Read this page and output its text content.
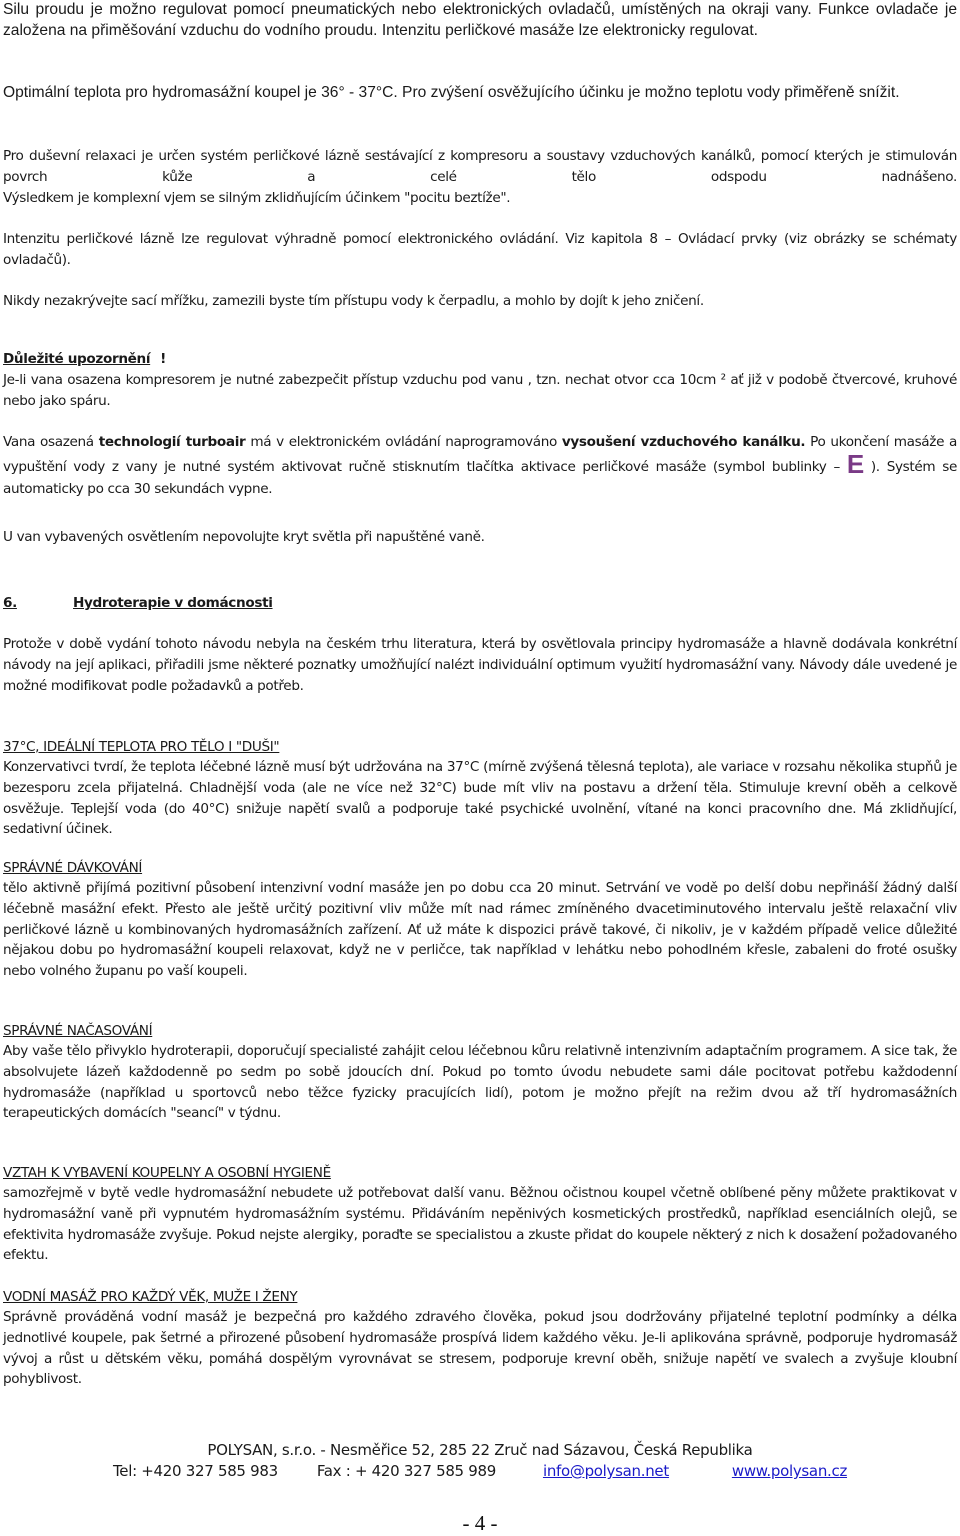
Silu proudu je možno regulovat pomocí pneumatických nebo elektronických ovladačů, umístěných na okraji vany. Funkce ovladače je založena na přiměšování vzduchu do vodního proudu. Intenzitu perličkové masáže lze elektronicky regulovat.

Optimální teplota pro hydromasážní koupel je 36° - 37°C. Pro zvýšení osvěžujícího účinku je možno teplotu vody přiměřeně snížit.

Pro duševní relaxaci je určen systém perličkové lázně sestávající z kompresoru a soustavy vzduchových kanálků, pomocí kterých je stimulován povrch kůže a celé tělo odspodu nadnášeno.
Výsledkem je komplexní vjem se silným zklidňujícím účinkem "pocitu beztíže".

Intenzitu perličkové lázně lze regulovat výhradně pomocí elektronického ovládání. Viz kapitola 8 – Ovládací prvky (viz obrázky se schématy ovladačů).

Nikdy nezakrývejte sací mřížku, zamezili byste tím přístupu vody k čerpadlu, a mohlo by dojít k jeho zničení.

Důležité upozornění !
Je-li vana osazena kompresorem je nutné zabezpečit přístup vzduchu pod vanu , tzn. nechat otvor cca 10cm ² ať již v podobě čtvercové, kruhové nebo jako spáru.
Vana osazená technologií turboair má v elektronickém ovládání naprogramováno vysoušení vzduchového kanálku. Po ukončení masáže a vypuštění vody z vany je nutné systém aktivovat ručně stisknutím tlačítka aktivace perličkové masáže (symbol bublinky – E ). Systém se automaticky po cca 30 sekundách vypne.

U van vybavených osvětlením nepovolujte kryt světla při napuštěné vaně.

6.	Hydroterapie v domácnosti

Protože v době vydání tohoto návodu nebyla na českém trhu literatura, která by osvětlovala principy hydromasáže a hlavně dodávala konkrétní návody na její aplikaci, přiřadili jsme některé poznatky umožňující nalézt individuální optimum využití hydromasážní vany. Návody dále uvedené je možné modifikovat podle požadavků a potřeb.

37°C, IDEÁLNÍ TEPLOTA PRO TĚLO I "DUŠI"
Konzervativci tvrdí, že teplota léčebné lázně musí být udržována na 37°C (mírně zvýšená tělesná teplota), ale variace v rozsahu několika stupňů je bezesporu zcela přijatelná. Chladnější voda (ale ne více než 32°C) bude mít vliv na postavu a držení těla. Stimuluje krevní oběh a celkově osvěžuje. Teplejší voda (do 40°C) snižuje napětí svalů a podporuje také psychické uvolnění, vítané na konci pracovního dne. Má zklidňující, sedativní účinek.
SPRÁVNÉ DÁVKOVÁNÍ
tělo aktivně přijímá pozitivní působení intenzivní vodní masáže jen po dobu cca 20 minut. Setrvání ve vodě po delší dobu nepřináší žádný další léčebně masážní efekt. Přesto ale ještě určitý pozitivní vliv může mít nad rámec zmíněného dvacetiminutového intervalu ještě relaxační vliv perličkové lázně u kombinovaných hydromasážních zařízení. Ať už máte k dispozici právě takové, či nikoliv, je v každém případě velice důležité nějakou dobu po hydromasážní koupeli relaxovat, když ne v perličce, tak například v lehátku nebo pohodlném křesle, zabaleni do froté osušky nebo volného županu po vaší koupeli.
SPRÁVNÉ NAČASOVÁNÍ
Aby vaše tělo přivyklo hydroterapii, doporučují specialisté zahájit celou léčebnou kůru relativně intenzivním adaptačním programem. A sice tak, že absolvujete lázeň každodenně po sedm po sobě jdoucích dní. Pokud po tomto úvodu nebudete sami dále pocitovat potřebu každodenní hydromasáže (například u sportovců nebo těžce fyzicky pracujících lidí), potom je možno přejít na režim dvou až tří hydromasážních terapeutických domácích "seancí" v týdnu.
VZTAH K VYBAVENÍ KOUPELNY A OSOBNÍ HYGIENĚ
samozřejmě v bytě vedle hydromasážní nebudete už potřebovat další vanu. Běžnou očistnou koupel včetně oblíbené pěny můžete praktikovat v hydromasážní vaně při vypnutém hydromasážním systému. Přidáváním nepěnivých kosmetických prostředků, například esenciálních olejů, se efektivita hydromasáže zvyšuje. Pokud nejste alergiky, poraďte se specialistou a zkuste přidat do koupele některý z nich k dosažení požadovaného efektu.
VODNÍ MASÁŽ PRO KAŽDÝ VĚK, MUŽE I ŽENY
Správně prováděná vodní masáž je bezpečná pro každého zdravého člověka, pokud jsou dodržovány přijatelné teplotní podmínky a délka jednotlivé koupele, pak šetrné a přirozené působení hydromasáže prospívá lidem každého věku. Je-li aplikována správně, podporuje hydromasáž vývoj a růst u dětském věku, pomáhá dospělým vyrovnávat se stresem, podporuje krevní oběh, snižuje napětí ve svalech a zvyšuje kloubní pohyblivost.
POLYSAN, s.r.o. - Nesměřice 52, 285 22 Zruč nad Sázavou, Česká Republika
Tel: +420 327 585 983	Fax : + 420 327 585 989	info@polysan.net	www.polysan.cz
- 4 -
